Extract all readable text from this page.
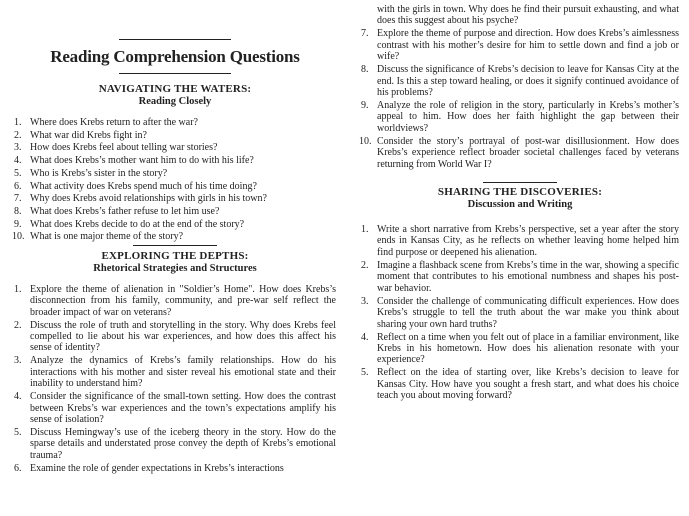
Reading Comprehension Questions
NAVIGATING THE WATERS:
Reading Closely
1. Where does Krebs return to after the war?
2. What war did Krebs fight in?
3. How does Krebs feel about telling war stories?
4. What does Krebs’s mother want him to do with his life?
5. Who is Krebs’s sister in the story?
6. What activity does Krebs spend much of his time doing?
7. Why does Krebs avoid relationships with girls in his town?
8. What does Krebs’s father refuse to let him use?
9. What does Krebs decide to do at the end of the story?
10. What is one major theme of the story?
EXPLORING THE DEPTHS:
Rhetorical Strategies and Structures
1. Explore the theme of alienation in "Soldier’s Home". How does Krebs’s disconnection from his family, community, and pre-war self reflect the broader impact of war on veterans?
2. Discuss the role of truth and storytelling in the story. Why does Krebs feel compelled to lie about his war experiences, and how does this affect his sense of identity?
3. Analyze the dynamics of Krebs’s family relationships. How do his interactions with his mother and sister reveal his emotional state and their inability to understand him?
4. Consider the significance of the small-town setting. How does the contrast between Krebs’s war experiences and the town’s expectations amplify his sense of isolation?
5. Discuss Hemingway’s use of the iceberg theory in the story. How do the sparse details and understated prose convey the depth of Krebs’s emotional trauma?
6. Examine the role of gender expectations in Krebs’s interactions
with the girls in town. Why does he find their pursuit exhausting, and what does this suggest about his psyche?
7. Explore the theme of purpose and direction. How does Krebs’s aimlessness contrast with his mother’s desire for him to settle down and find a job or wife?
8. Discuss the significance of Krebs’s decision to leave for Kansas City at the end. Is this a step toward healing, or does it signify continued avoidance of his problems?
9. Analyze the role of religion in the story, particularly in Krebs’s mother’s appeal to him. How does her faith highlight the gap between their worldviews?
10. Consider the story’s portrayal of post-war disillusionment. How does Krebs’s experience reflect broader societal challenges faced by veterans returning from World War I?
SHARING THE DISCOVERIES:
Discussion and Writing
1. Write a short narrative from Krebs’s perspective, set a year after the story ends in Kansas City, as he reflects on whether leaving home helped him find purpose or deepened his alienation.
2. Imagine a flashback scene from Krebs’s time in the war, showing a specific moment that contributes to his emotional numbness and shapes his post-war behavior.
3. Consider the challenge of communicating difficult experiences. How does Krebs’s struggle to tell the truth about the war make you think about sharing your own hard truths?
4. Reflect on a time when you felt out of place in a familiar environment, like Krebs in his hometown. How does his alienation resonate with your experience?
5. Reflect on the idea of starting over, like Krebs’s decision to leave for Kansas City. How have you sought a fresh start, and what does his choice teach you about moving forward?
